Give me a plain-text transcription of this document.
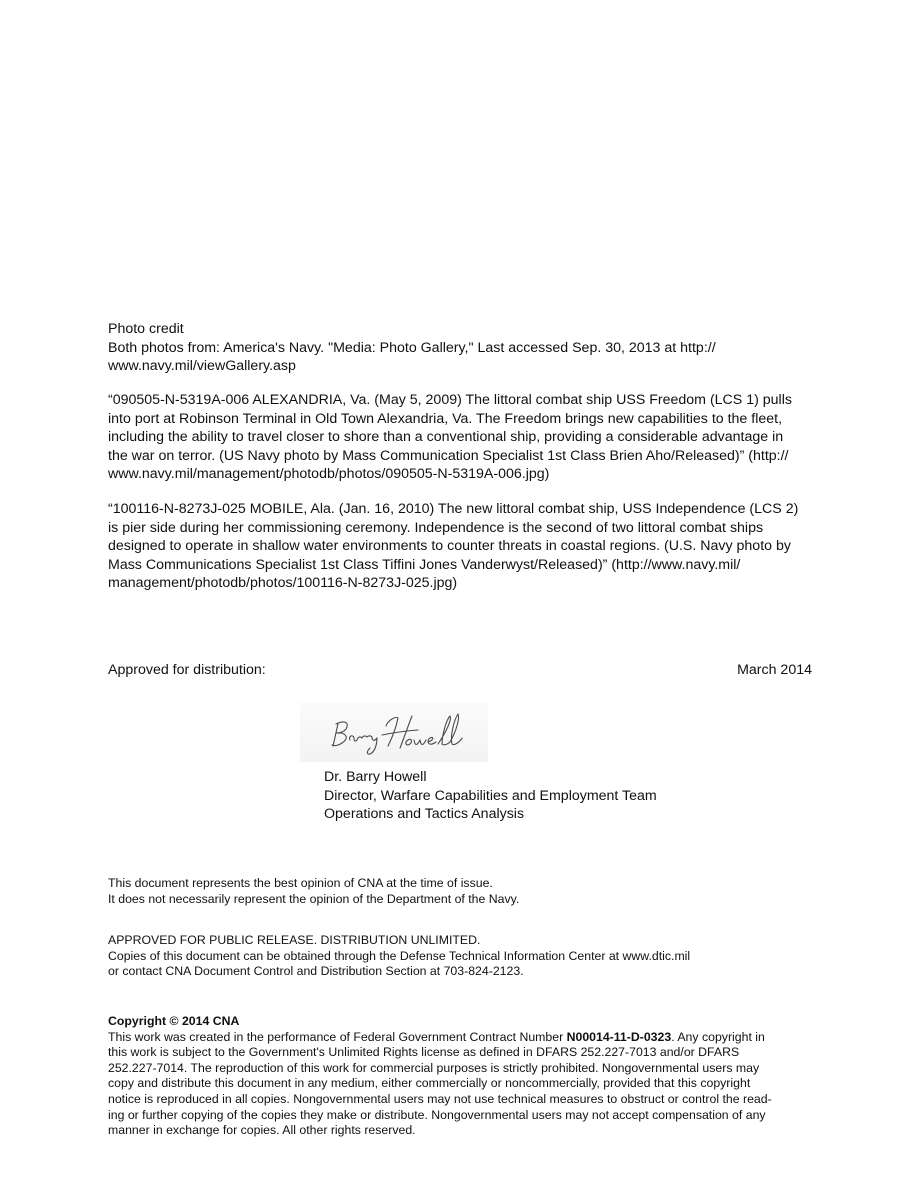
Photo credit

Both photos from: America's Navy. "Media: Photo Gallery," Last accessed Sep. 30, 2013 at http://

www.navy.mil/viewGallery.asp

“090505-N-5319A-006 ALEXANDRIA, Va. (May 5, 2009) The littoral combat ship USS Freedom (LCS 1) pulls

into port at Robinson Terminal in Old Town Alexandria, Va. The Freedom brings new capabilities to the fleet,

including the ability to travel closer to shore than a conventional ship, providing a considerable advantage in

the war on terror. (US Navy photo by Mass Communication Specialist 1st Class Brien Aho/Released)” (http://

www.navy.mil/management/photodb/photos/090505-N-5319A-006.jpg)

“100116-N-8273J-025 MOBILE, Ala. (Jan. 16, 2010) The new littoral combat ship, USS Independence (LCS 2)

is pier side during her commissioning ceremony. Independence is the second of two littoral combat ships

designed to operate in shallow water environments to counter threats in coastal regions. (U.S. Navy photo by

Mass Communications Specialist 1st Class Tiffini Jones Vanderwyst/Released)” (http://www.navy.mil/

management/photodb/photos/100116-N-8273J-025.jpg)

Approved for distribution:	March 2014

Dr. Barry Howell

Director, Warfare Capabilities and Employment Team

Operations and Tactics Analysis

This document represents the best opinion of CNA at the time of issue.

It does not necessarily represent the opinion of the Department of the Navy.

APPROVED FOR PUBLIC RELEASE. DISTRIBUTION UNLIMITED.

Copies of this document can be obtained through the Defense Technical Information Center at www.dtic.mil

or contact CNA Document Control and Distribution Section at 703-824-2123.

Copyright © 2014 CNA

This work was created in the performance of Federal Government Contract Number N00014-11-D-0323. Any copyright in

this work is subject to the Government's Unlimited Rights license as defined in DFARS 252.227-7013 and/or DFARS

252.227-7014. The reproduction of this work for commercial purposes is strictly prohibited. Nongovernmental users may

copy and distribute this document in any medium, either commercially or noncommercially, provided that this copyright

notice is reproduced in all copies. Nongovernmental users may not use technical measures to obstruct or control the read-

ing or further copying of the copies they make or distribute. Nongovernmental users may not accept compensation of any

manner in exchange for copies. All other rights reserved.
